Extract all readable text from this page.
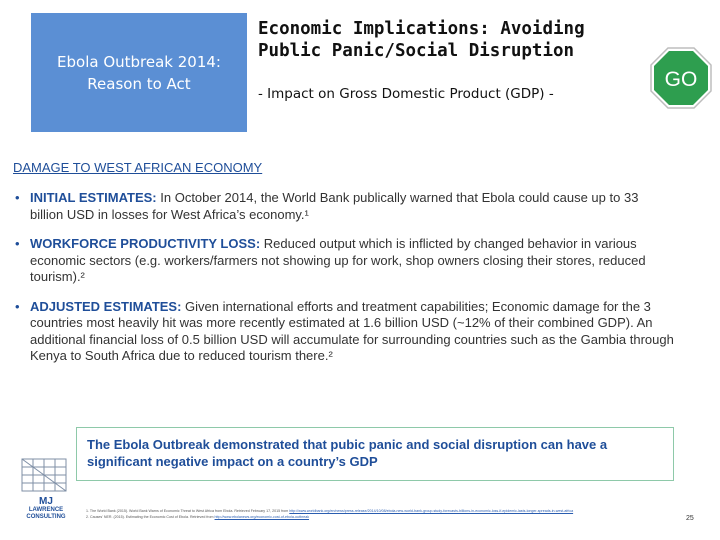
Ebola Outbreak 2014:
Reason to Act
Economic Implications: Avoiding
Public Panic/Social Disruption
- Impact on Gross Domestic Product (GDP) -
GO
DAMAGE TO WEST AFRICAN ECONOMY
• INITIAL ESTIMATES: In October 2014, the World Bank publically warned that Ebola could cause up to 33 billion USD in losses for West Africa’s economy.¹
• WORKFORCE PRODUCTIVITY LOSS: Reduced output which is inflicted by changed behavior in various economic sectors (e.g. workers/farmers not showing up for work, shop owners closing their stores, reduced tourism).²
• ADJUSTED ESTIMATES: Given international efforts and treatment capabilities; Economic damage for the 3 countries most heavily hit was more recently estimated at 1.6 billion USD (~12% of their combined GDP). An additional financial loss of 0.5 billion USD will accumulate for surrounding countries such as the Gambia through Kenya to South Africa due to reduced tourism there.²
The Ebola Outbreak demonstrated that pubic panic and social disruption can have a significant negative impact on a country’s GDP
MJ
LAWRENCE
CONSULTING
1. The World Bank (2015). World Bank Warns of Economic Threat to West Africa from Ebola. Retrieved February 17, 2015 from http://www.worldbank.org/en/news/press-release/2014/10/08/ebola-new-world-bank-group-study-forecasts-billions-in-economic-loss-if-epidemic-lasts-longer-spreads-in-west-africa
2. Causes' NER. (2015). Estimating the Economic Cost of Ebola. Retrieved from http://www.ebolanews.org/economic-cost-of-ebola-outbreak	25
